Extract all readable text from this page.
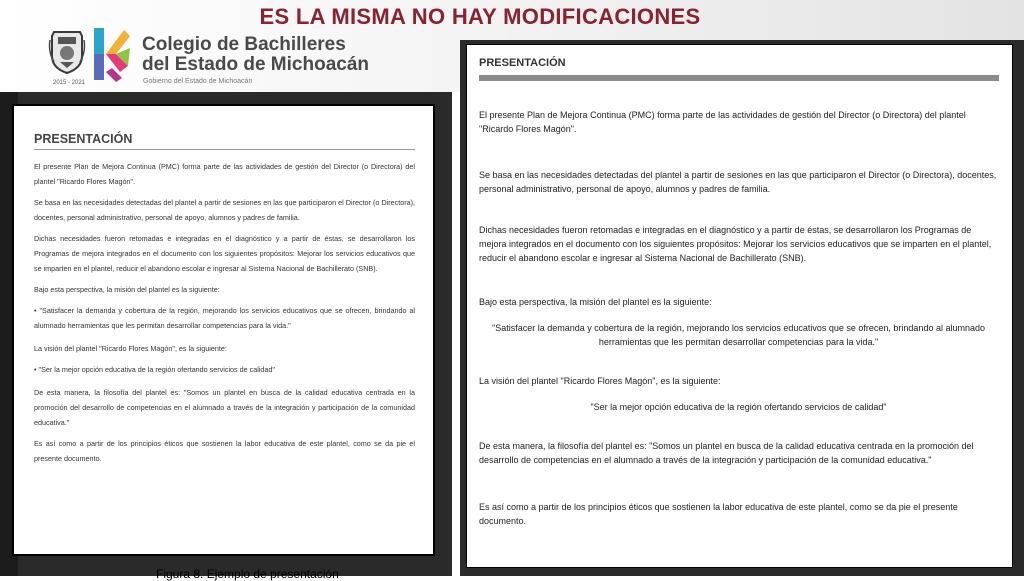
ES LA MISMA NO HAY MODIFICACIONES
2015 - 2021
Colegio de Bachilleres
del Estado de Michoacán
Gobierno del Estado de Michoacán
PRESENTACIÓN

El presente Plan de Mejora Continua (PMC) forma parte de las actividades de gestión del Director (o Directora) del plantel "Ricardo Flores Magón".

Se basa en las necesidades detectadas del plantel a partir de sesiones en las que participaron el Director (o Directora), docentes, personal administrativo, personal de apoyo, alumnos y padres de familia.

Dichas necesidades fueron retomadas e integradas en el diagnóstico y a partir de éstas, se desarrollaron los Programas de mejora integrados en el documento con los siguientes propósitos: Mejorar los servicios educativos que se imparten en el plantel, reducir el abandono escolar e ingresar al Sistema Nacional de Bachillerato (SNB).

Bajo esta perspectiva, la misión del plantel es la siguiente:

• "Satisfacer la demanda y cobertura de la región, mejorando los servicios educativos que se ofrecen, brindando al alumnado herramientas que les permitan desarrollar competencias para la vida."

La visión del plantel "Ricardo Flores Magón", es la siguiente:

• "Ser la mejor opción educativa de la región ofertando servicios de calidad"

De esta manera, la filosofía del plantel es: "Somos un plantel en busca de la calidad educativa centrada en la promoción del desarrollo de competencias en el alumnado a través de la integración y participación de la comunidad educativa."

Es así como a partir de los principios éticos que sostienen la labor educativa de este plantel, como se da pie el presente documento.

Figura 8. Ejemplo de presentación
PRESENTACIÓN

El presente Plan de Mejora Continua (PMC) forma parte de las actividades de gestión del Director (o Directora) del plantel "Ricardo Flores Magón".

Se basa en las necesidades detectadas del plantel a partir de sesiones en las que participaron el Director (o Directora), docentes, personal administrativo, personal de apoyo, alumnos y padres de familia.

Dichas necesidades fueron retomadas e integradas en el diagnóstico y a partir de éstas, se desarrollaron los Programas de mejora integrados en el documento con los siguientes propósitos: Mejorar los servicios educativos que se imparten en el plantel, reducir el abandono escolar e ingresar al Sistema Nacional de Bachillerato (SNB).

Bajo esta perspectiva, la misión del plantel es la siguiente:

"Satisfacer la demanda y cobertura de la región, mejorando los servicios educativos que se ofrecen, brindando al alumnado herramientas que les permitan desarrollar competencias para la vida."

La visión del plantel "Ricardo Flores Magón", es la siguiente:

"Ser la mejor opción educativa de la región ofertando servicios de calidad"

De esta manera, la filosofía del plantel es: "Somos un plantel en busca de la calidad educativa centrada en la promoción del desarrollo de competencias en el alumnado a través de la integración y participación de la comunidad educativa."

Es así como a partir de los principios éticos que sostienen la labor educativa de este plantel, como se da pie el presente documento.
